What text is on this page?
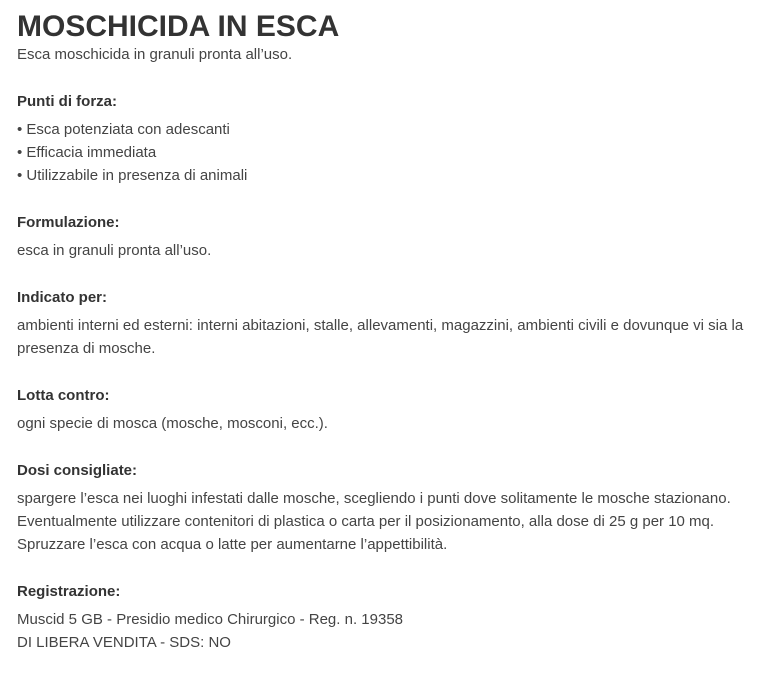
MOSCHICIDA IN ESCA

Esca moschicida in granuli pronta all’uso.

Punti di forza:
• Esca potenziata con adescanti
• Efficacia immediata
• Utilizzabile in presenza di animali
Formulazione:

esca in granuli pronta all’uso.

Indicato per:

ambienti interni ed esterni: interni abitazioni, stalle, allevamenti, magazzini, ambienti civili e dovunque vi sia la presenza di mosche.

Lotta contro:

ogni specie di mosca (mosche, mosconi, ecc.).

Dosi consigliate:

spargere l’esca nei luoghi infestati dalle mosche, scegliendo i punti dove solitamente le mosche stazionano.
Eventualmente utilizzare contenitori di plastica o carta per il posizionamento, alla dose di 25 g per 10 mq.
Spruzzare l’esca con acqua o latte per aumentarne l’appettibilità.

Registrazione:

Muscid 5 GB - Presidio medico Chirurgico - Reg. n. 19358
DI LIBERA VENDITA - SDS: NO
